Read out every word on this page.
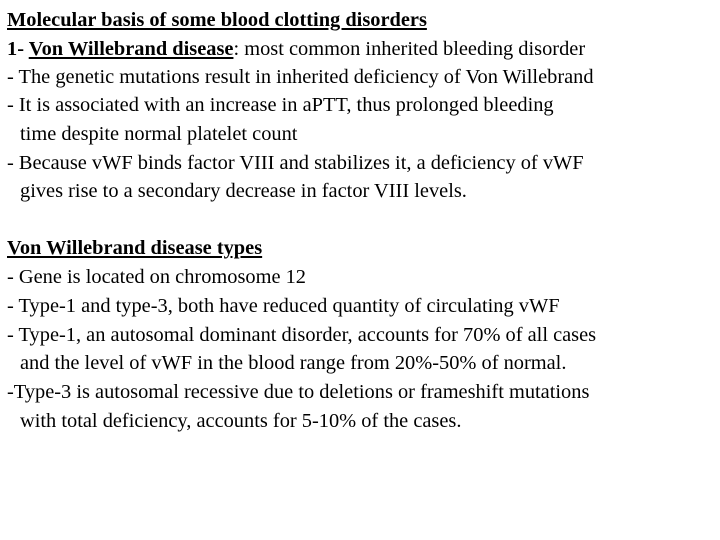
Molecular basis of some blood clotting disorders
1- Von Willebrand disease: most common inherited bleeding disorder
- The genetic mutations result in inherited deficiency of Von Willebrand
- It is associated with an increase in aPTT, thus prolonged bleeding
time despite normal platelet count
- Because vWF binds factor VIII and stabilizes it, a deficiency of vWF
gives rise to a secondary decrease in factor VIII levels.
Von Willebrand disease types
- Gene is located on chromosome 12
- Type-1 and type-3, both have reduced quantity of circulating vWF
- Type-1, an autosomal dominant disorder, accounts for 70% of all cases
and the level of vWF in the blood range from 20%-50% of normal.
-Type-3 is autosomal recessive due to deletions or frameshift mutations
with total deficiency, accounts for 5-10% of the cases.
